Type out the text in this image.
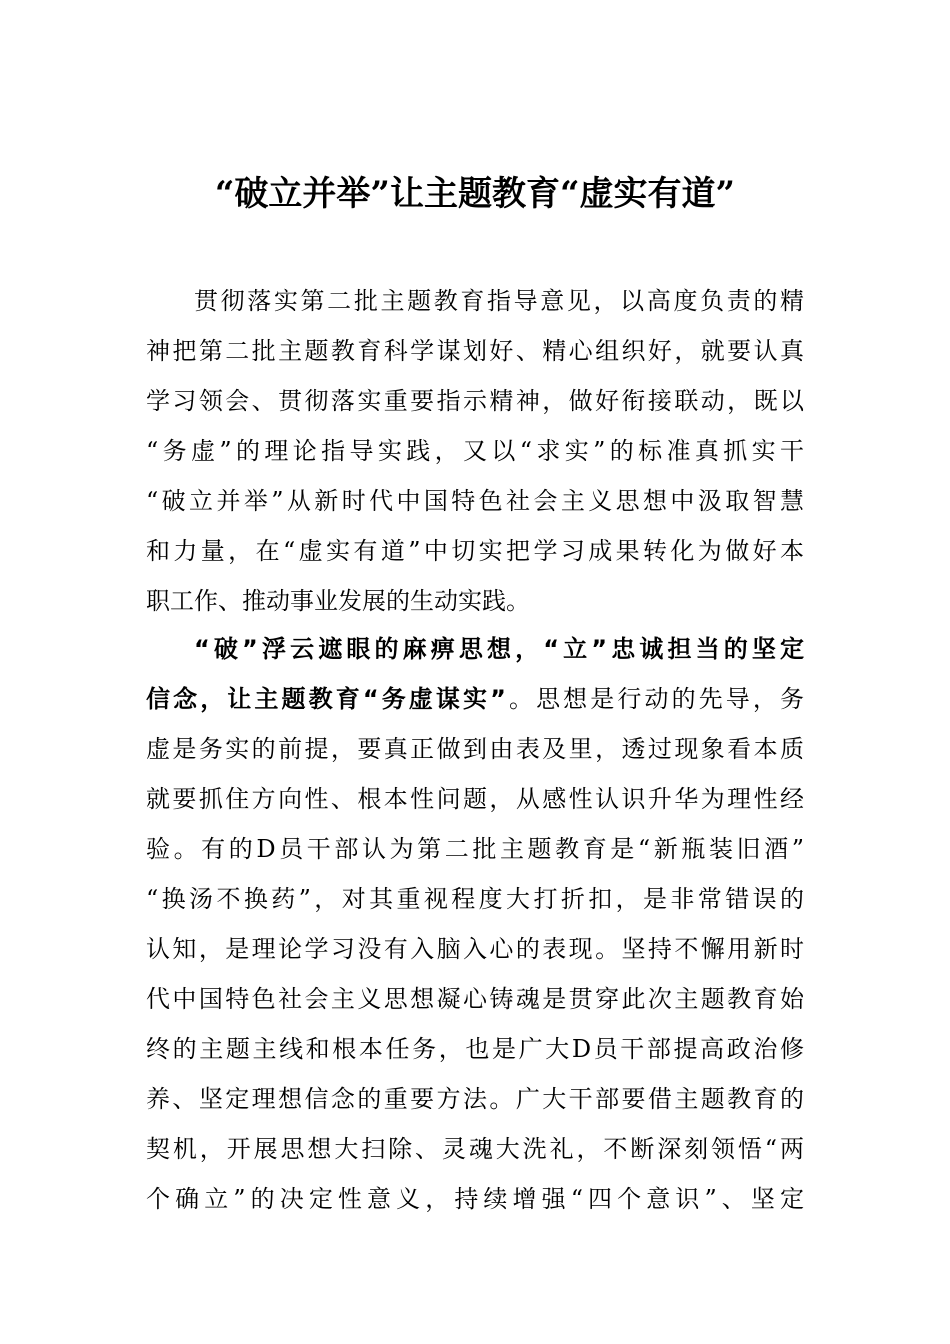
“破立并举”让主题教育“虚实有道”
贯彻落实第二批主题教育指导意见，以高度负责的精
神把第二批主题教育科学谋划好、精心组织好，就要认真
学习领会、贯彻落实重要指示精神，做好衔接联动，既以
“务虚”的理论指导实践，又以“求实”的标准真抓实干
“破立并举”从新时代中国特色社会主义思想中汲取智慧
和力量，在“虚实有道”中切实把学习成果转化为做好本
职工作、推动事业发展的生动实践。
“破”浮云遮眼的麻痹思想，“立”忠诚担当的坚定
信念，让主题教育“务虚谋实”。思想是行动的先导，务
虚是务实的前提，要真正做到由表及里，透过现象看本质
就要抓住方向性、根本性问题，从感性认识升华为理性经
验。有的D员干部认为第二批主题教育是“新瓶装旧酒”
“换汤不换药”，对其重视程度大打折扣，是非常错误的
认知，是理论学习没有入脑入心的表现。坚持不懈用新时
代中国特色社会主义思想凝心铸魂是贯穿此次主题教育始
终的主题主线和根本任务，也是广大D员干部提高政治修
养、坚定理想信念的重要方法。广大干部要借主题教育的
契机，开展思想大扫除、灵魂大洗礼，不断深刻领悟“两
个确立”的决定性意义，持续增强“四个意识”、坚定
